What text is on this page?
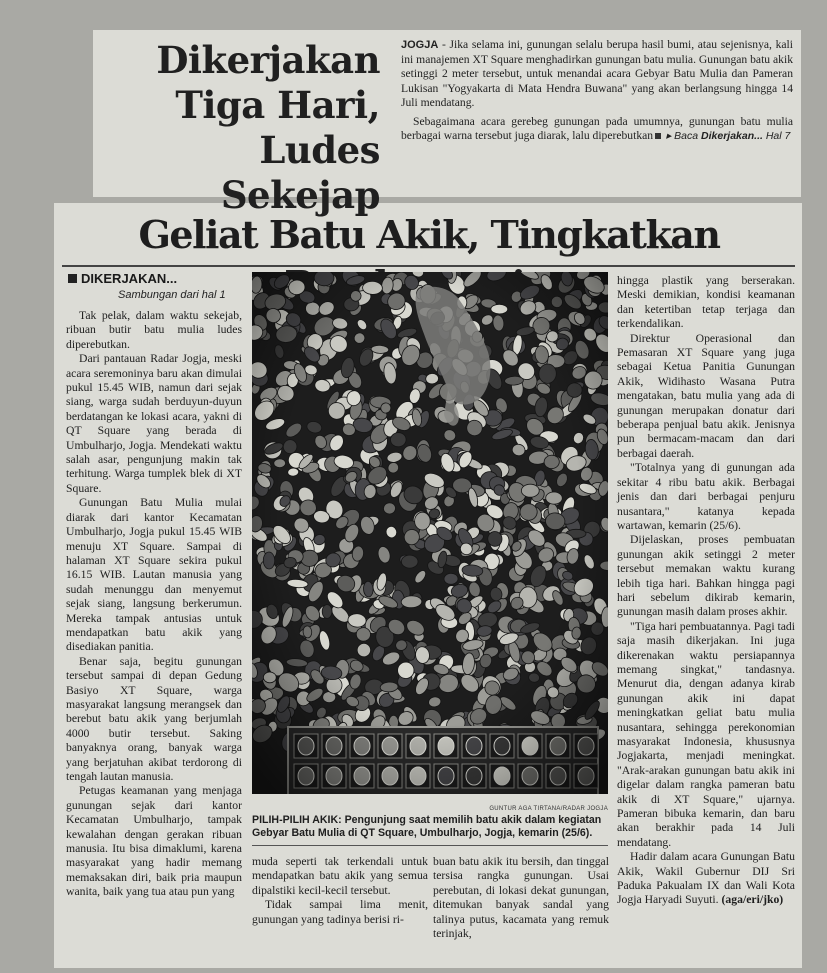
Dikerjakan
Tiga Hari,
Ludes Sekejap

JOGJA - Jika selama ini, gunungan selalu berupa hasil bumi, atau sejenisnya, kali ini manajemen XT Square menghadirkan gunungan batu mulia. Gunungan batu akik setinggi 2 meter tersebut, untuk menandai acara Gebyar Batu Mulia dan Pameran Lukisan "Yogyakarta di Mata Hendra Buwana" yang akan berlangsung hingga 14 Juli mendatang.

Sebagaimana acara gerebeg gunungan pada umumnya, gunungan batu mulia berbagai warna tersebut juga diarak, lalu diperebutkan ▸ Baca Dikerjakan... Hal 7

Geliat Batu Akik, Tingkatkan
DIKERJAKAN...
Sambungan dari hal 1

Tak pelak, dalam waktu sekejab, ribuan butir batu mulia ludes diperebutkan.

Dari pantauan Radar Jogja, meski acara seremoninya baru akan dimulai pukul 15.45 WIB, namun dari sejak siang, warga sudah berduyun-duyun berdatangan ke lokasi acara, yakni di QT Square yang berada di Umbulharjo, Jogja. Mendekati waktu salah asar, pengunjung makin tak terhitung. Warga tumplek blek di XT Square.

Gunungan Batu Mulia mulai diarak dari kantor Kecamatan Umbulharjo, Jogja pukul 15.45 WIB menuju XT Square. Sampai di halaman XT Square sekira pukul 16.15 WIB. Lautan manusia yang sudah menunggu dan menyemut sejak siang, langsung berkerumun. Mereka tampak antusias untuk mendapatkan batu akik yang disediakan panitia.

Benar saja, begitu gunungan tersebut sampai di depan Gedung Basiyo XT Square, warga masyarakat langsung merangsek dan berebut batu akik yang berjumlah 4000 butir tersebut. Saking banyaknya orang, banyak warga yang berjatuhan akibat terdorong di tengah lautan manusia.

Petugas keamanan yang menjaga gunungan sejak dari kantor Kecamatan Umbulharjo, tampak kewalahan dengan gerakan ribuan manusia. Itu bisa dimaklumi, karena masyarakat yang hadir memang memaksakan diri, baik pria maupun wanita, baik yang tua atau pun yang

GUNTUR AGA TIRTANA/RADAR JOGJA
PILIH-PILIH AKIK: Pengunjung saat memilih batu akik dalam kegiatan Gebyar Batu Mulia di QT Square, Umbulharjo, Jogja, kemarin (25/6).

muda seperti tak terkendali untuk mendapatkan batu akik yang semua dipalstiki kecil-kecil tersebut.

Tidak sampai lima menit, gunungan yang tadinya berisi ri-

buan batu akik itu bersih, dan tinggal tersisa rangka gunungan. Usai perebutan, di lokasi dekat gunungan, ditemukan banyak sandal yang talinya putus, kacamata yang remuk terinjak,

hingga plastik yang berserakan. Meski demikian, kondisi keamanan dan ketertiban tetap terjaga dan terkendalikan.

Direktur Operasional dan Pemasaran XT Square yang juga sebagai Ketua Panitia Gunungan Akik, Widihasto Wasana Putra mengatakan, batu mulia yang ada di gunungan merupakan donatur dari beberapa penjual batu akik. Jenisnya pun bermacam-macam dan dari berbagai daerah.

"Totalnya yang di gunungan ada sekitar 4 ribu batu akik. Berbagai jenis dan dari berbagai penjuru nusantara," katanya kepada wartawan, kemarin (25/6).

Dijelaskan, proses pembuatan gunungan akik setinggi 2 meter tersebut memakan waktu kurang lebih tiga hari. Bahkan hingga pagi hari sebelum dikirab kemarin, gunungan masih dalam proses akhir.

"Tiga hari pembuatannya. Pagi tadi saja masih dikerjakan. Ini juga dikerenakan waktu persiapannya memang singkat," tandasnya. Menurut dia, dengan adanya kirab gunungan akik ini dapat meningkatkan geliat batu mulia nusantara, sehingga perekonomian masyarakat Indonesia, khususnya Jogjakarta, menjadi meningkat. "Arak-arakan gunungan batu akik ini digelar dalam rangka pameran batu akik di XT Square," ujarnya. Pameran bibuka kemarin, dan baru akan berakhir pada 14 Juli mendatang.

Hadir dalam acara Gunungan Batu Akik, Wakil Gubernur DIJ Sri Paduka Pakualam IX dan Wali Kota Jogja Haryadi Suyuti. (aga/eri/jko)
